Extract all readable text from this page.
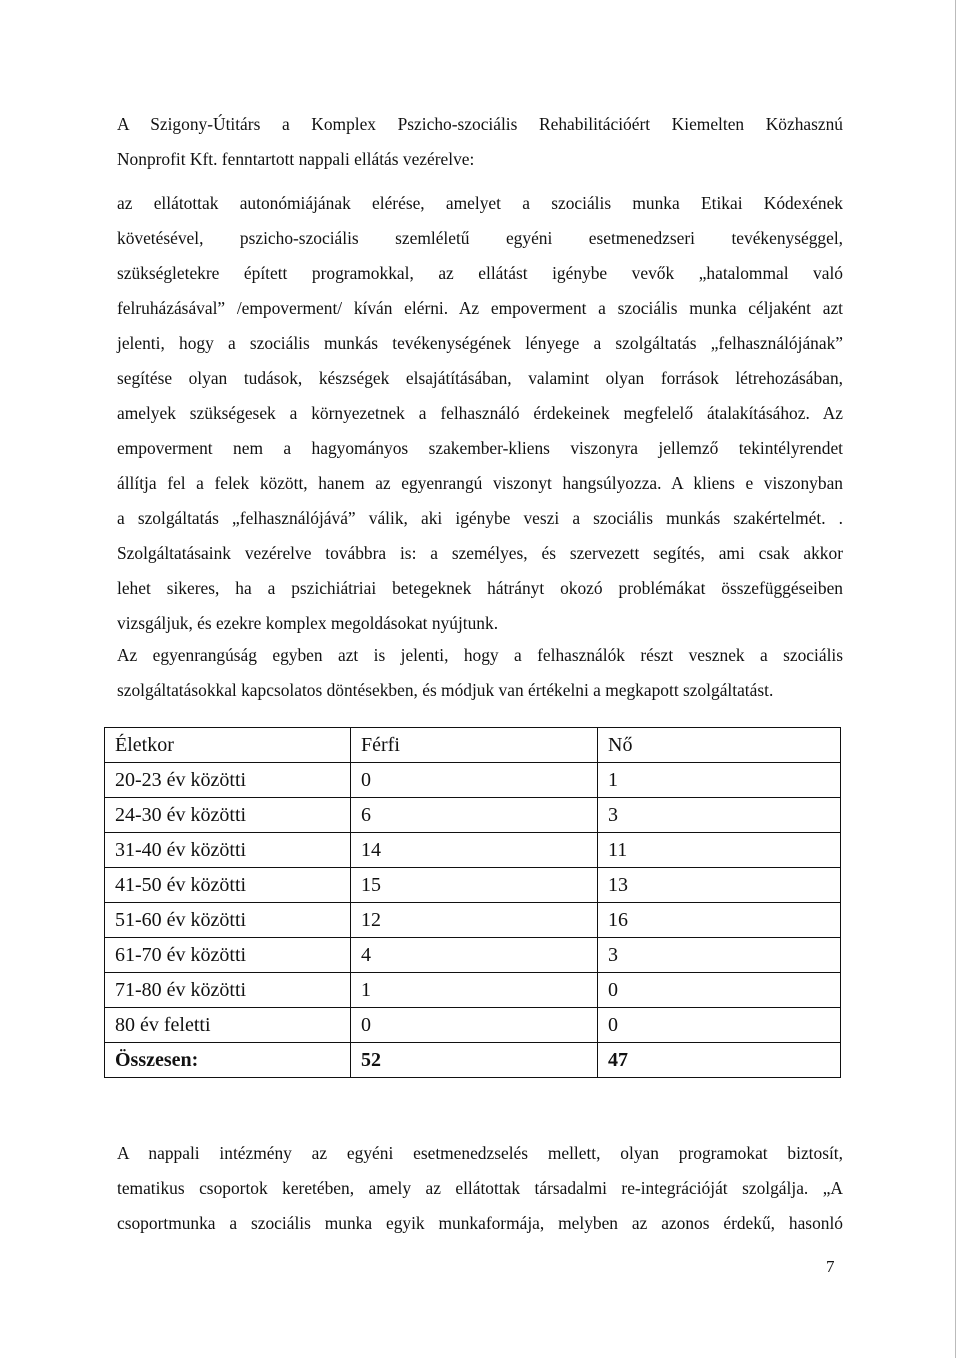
A Szigony-Útitárs a Komplex Pszicho-szociális Rehabilitációért Kiemelten Közhasznú
Nonprofit Kft. fenntartott nappali ellátás vezérelve:
az ellátottak autonómiájának elérése, amelyet a szociális munka Etikai Kódexének
követésével, pszicho-szociális szemléletű egyéni esetmenedzseri tevékenységgel,
szükségletekre épített programokkal, az ellátást igénybe vevők „hatalommal való
felruházásával” /empoverment/ kíván elérni. Az empoverment a szociális munka céljaként azt
jelenti, hogy a szociális munkás tevékenységének lényege a szolgáltatás „felhasználójának”
segítése olyan tudások, készségek elsajátításában, valamint olyan források létrehozásában,
amelyek szükségesek a környezetnek a felhasználó érdekeinek megfelelő átalakításához. Az
empoverment nem a hagyományos szakember-kliens viszonyra jellemző tekintélyrendet
állítja fel a felek között, hanem az egyenrangú viszonyt hangsúlyozza. A kliens e viszonyban
a szolgáltatás „felhasználójává” válik, aki igénybe veszi a szociális munkás szakértelmét. .
Szolgáltatásaink vezérelve továbbra is: a személyes, és szervezett segítés, ami csak akkor
lehet sikeres, ha a pszichiátriai betegeknek hátrányt okozó problémákat összefüggéseiben
vizsgáljuk, és ezekre komplex megoldásokat nyújtunk.
Az egyenrangúság egyben azt is jelenti, hogy a felhasználók részt vesznek a szociális
szolgáltatásokkal kapcsolatos döntésekben, és módjuk van értékelni a megkapott szolgáltatást.
Életkor	Férfi	Nő
20-23 év közötti	0	1
24-30 év közötti	6	3
31-40 év közötti	14	11
41-50 év közötti	15	13
51-60 év közötti	12	16
61-70 év közötti	4	3
71-80 év közötti	1	0
80 év feletti	0	0
Összesen:	52	47
A nappali intézmény az egyéni esetmenedzselés mellett, olyan programokat biztosít,
tematikus csoportok keretében, amely az ellátottak társadalmi re-integrációját szolgálja. „A
csoportmunka a szociális munka egyik munkaformája, melyben az azonos érdekű, hasonló
7
